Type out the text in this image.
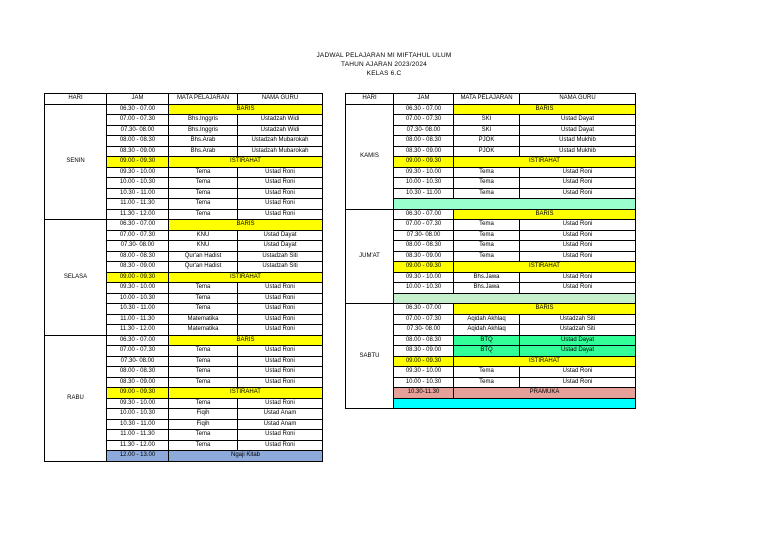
JADWAL PELAJARAN MI MIFTAHUL ULUM
TAHUN AJARAN 2023/2024
KELAS 6.C
HARI	JAM	MATA PELAJARAN	NAMA GURU
SENIN	06.30 - 07.00	BARIS	
	07.00 - 07.30	Bhs.Inggris	Ustadzah Widi
	07.30- 08.00	Bhs.Inggris	Ustadzah Widi
	08.00 - 08.30	Bhs.Arab	Ustadzah Mubarokah
	08.30 - 09.00	Bhs.Arab	Ustadzah Mubarokah
	09.00 - 09.30	ISTIRAHAT	
	09.30 - 10.00	Tema	Ustad Roni
	10.00 - 10.30	Tema	Ustad Roni
	10.30 - 11.00	Tema	Ustad Roni
	11.00 - 11.30	Tema	Ustad Roni
	11.30 - 12.00	Tema	Ustad Roni
SELASA	06.30 - 07.00	BARIS	
	07.00 - 07.30	KNU	Ustad Dayat
	07.30- 08.00	KNU	Ustad Dayat
	08.00 - 08.30	Qur'an Hadist	Ustadzah Siti
	08.30 - 09.00	Qur'an Hadist	Ustadzah Siti
	09.00 - 09.30	ISTIRAHAT	
	09.30 - 10.00	Tema	Ustad Roni
	10.00 - 10.30	Tema	Ustad Roni
	10.30 - 11.00	Tema	Ustad Roni
	11.00 - 11.30	Matematika	Ustad Roni
	11.30 - 12.00	Matematika	Ustad Roni
RABU	06.30 - 07.00	BARIS	
	07.00 - 07.30	Tema	Ustad Roni
	07.30- 08.00	Tema	Ustad Roni
	08.00 - 08.30	Tema	Ustad Roni
	08.30 - 09.00	Tema	Ustad Roni
	09.00 - 09.30	ISTIRAHAT	
	09.30 - 10.00	Tema	Ustad Roni
	10.00 - 10.30	Fiqih	Ustad Anam
	10.30 - 11.00	Fiqih	Ustad Anam
	11.00 - 11.30	Tema	Ustad Roni
	11.30 - 12.00	Tema	Ustad Roni
	12.00 - 13.00	Ngaji Kitab	
HARI	JAM	MATA PELAJARAN	NAMA GURU
KAMIS	06.30 - 07.00	BARIS	
	07.00 - 07.30	SKI	Ustad Dayat
	07.30- 08.00	SKI	Ustad Dayat
	08.00 - 08.30	PJOK	Ustad Mukhib
	08.30 - 09.00	PJOK	Ustad Mukhib
	09.00 - 09.30	ISTIRAHAT	
	09.30 - 10.00	Tema	Ustad Roni
	10.00 - 10.30	Tema	Ustad Roni
	10.30 - 11.00	Tema	Ustad Roni

JUM'AT	06.30 - 07.00	BARIS	
	07.00 - 07.30	Tema	Ustad Roni
	07.30- 08.00	Tema	Ustad Roni
	08.00 - 08.30	Tema	Ustad Roni
	08.30 - 09.00	Tema	Ustad Roni
	09.00 - 09.30	ISTIRAHAT	
	09.30 - 10.00	Bhs.Jawa	Ustad Roni
	10.00 - 10.30	Bhs.Jawa	Ustad Roni

SABTU	06.30 - 07.00	BARIS	
	07.00 - 07.30	Aqidah Akhlaq	Ustadzah Siti
	07.30- 08.00	Aqidah Akhlaq	Ustadzah Siti
	08.00 - 08.30	BTQ	Ustad Dayat
	08.30 - 09.00	BTQ	Ustad Dayat
	09.00 - 09.30	ISTIRAHAT	
	09.30 - 10.00	Tema	Ustad Roni
	10.00 - 10.30	Tema	Ustad Roni
	10.30-11.30	PRAMUKA	
